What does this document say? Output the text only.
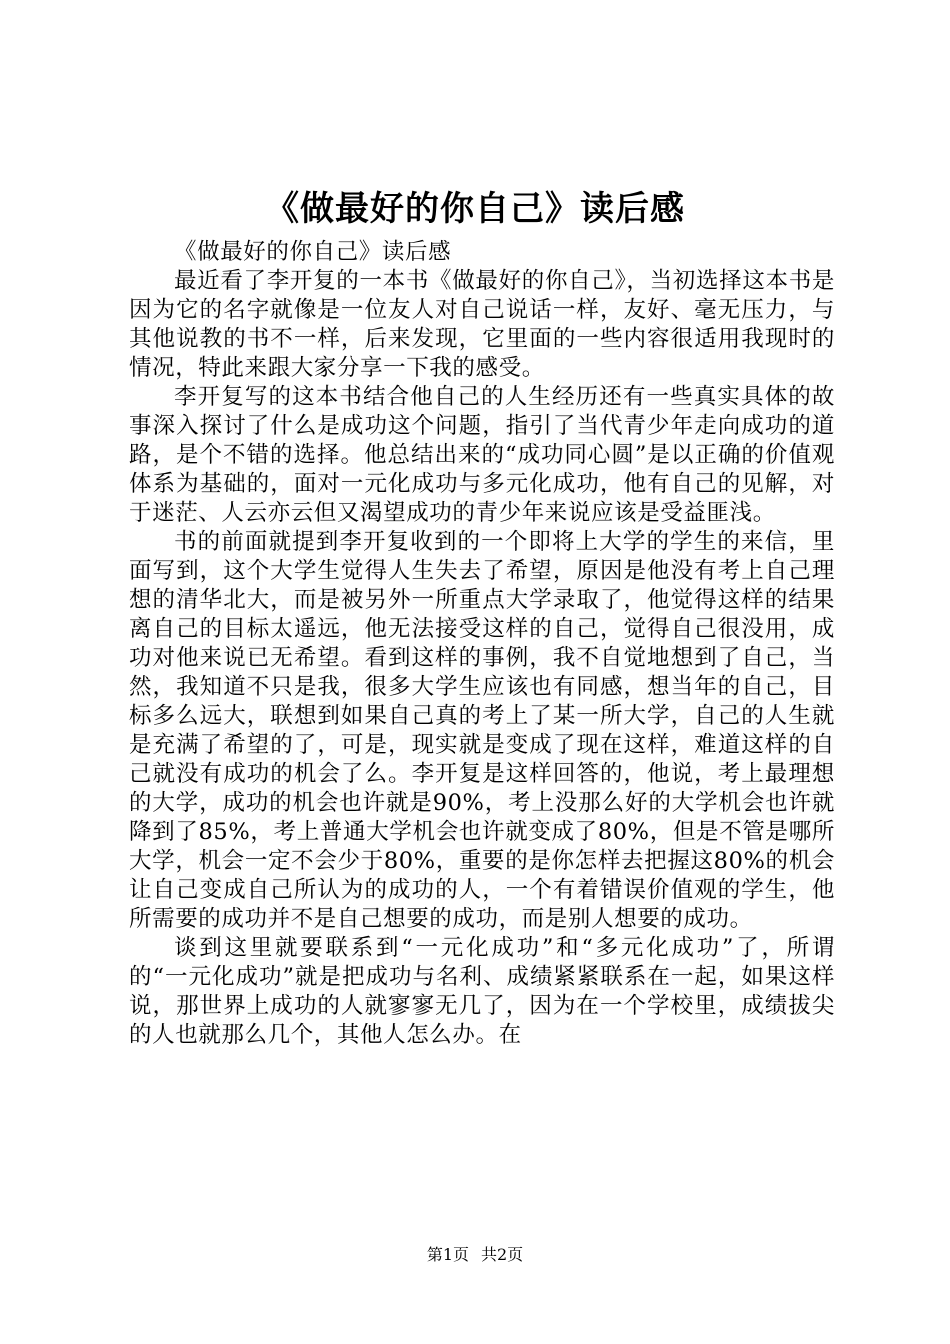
《做最好的你自己》读后感

《做最好的你自己》读后感

最近看了李开复的一本书《做最好的你自己》，当初选择这本书是因为它的名字就像是一位友人对自己说话一样，友好、毫无压力，与其他说教的书不一样，后来发现，它里面的一些内容很适用我现时的情况，特此来跟大家分享一下我的感受。

李开复写的这本书结合他自己的人生经历还有一些真实具体的故事深入探讨了什么是成功这个问题，指引了当代青少年走向成功的道路，是个不错的选择。他总结出来的“成功同心圆”是以正确的价值观体系为基础的，面对一元化成功与多元化成功，他有自己的见解，对于迷茫、人云亦云但又渴望成功的青少年来说应该是受益匪浅。

书的前面就提到李开复收到的一个即将上大学的学生的来信，里面写到，这个大学生觉得人生失去了希望，原因是他没有考上自己理想的清华北大，而是被另外一所重点大学录取了，他觉得这样的结果离自己的目标太遥远，他无法接受这样的自己，觉得自己很没用，成功对他来说已无希望。看到这样的事例，我不自觉地想到了自己，当然，我知道不只是我，很多大学生应该也有同感，想当年的自己，目标多么远大，联想到如果自己真的考上了某一所大学，自己的人生就是充满了希望的了，可是，现实就是变成了现在这样，难道这样的自己就没有成功的机会了么。李开复是这样回答的，他说，考上最理想的大学，成功的机会也许就是90%，考上没那么好的大学机会也许就降到了85%，考上普通大学机会也许就变成了80%，但是不管是哪所大学，机会一定不会少于80%，重要的是你怎样去把握这80%的机会让自己变成自己所认为的成功的人，一个有着错误价值观的学生，他所需要的成功并不是自己想要的成功，而是别人想要的成功。

谈到这里就要联系到“一元化成功”和“多元化成功”了，所谓的“一元化成功”就是把成功与名利、成绩紧紧联系在一起，如果这样说，那世界上成功的人就寥寥无几了，因为在一个学校里，成绩拔尖的人也就那么几个，其他人怎么办。在

第1页 共2页
